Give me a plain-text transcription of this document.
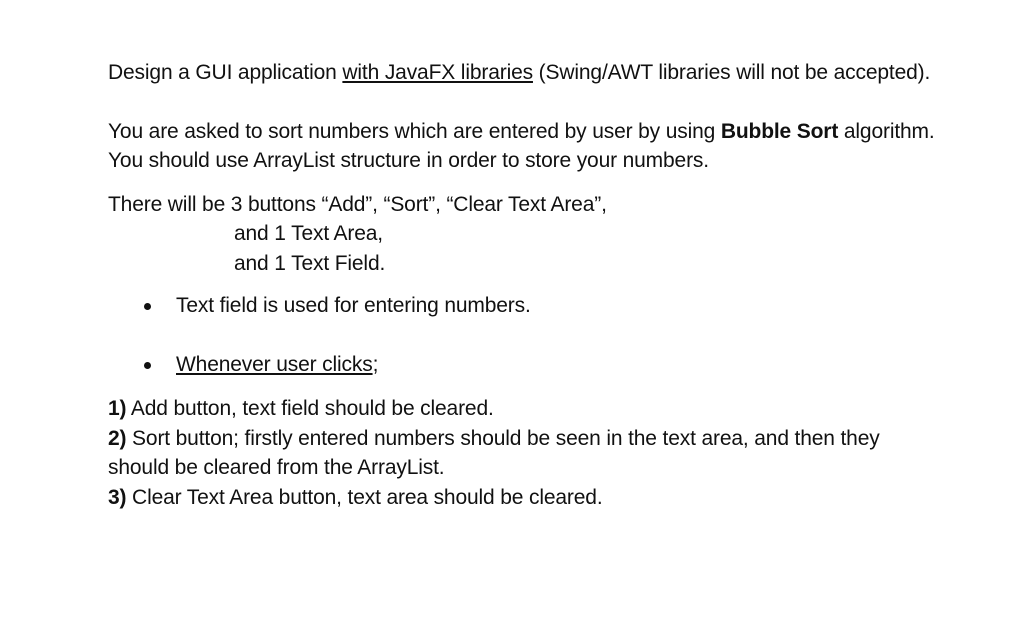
Design a GUI application with JavaFX libraries (Swing/AWT libraries will not be accepted).

You are asked to sort numbers which are entered by user by using Bubble Sort algorithm. You should use ArrayList structure in order to store your numbers.

There will be 3 buttons “Add”, “Sort”, “Clear Text Area”,

and 1 Text Area,

and 1 Text Field.

Text field is used for entering numbers.
Whenever user clicks;

1) Add button, text field should be cleared.

2) Sort button; firstly entered numbers should be seen in the text area, and then they should be cleared from the ArrayList.

3) Clear Text Area button, text area should be cleared.
